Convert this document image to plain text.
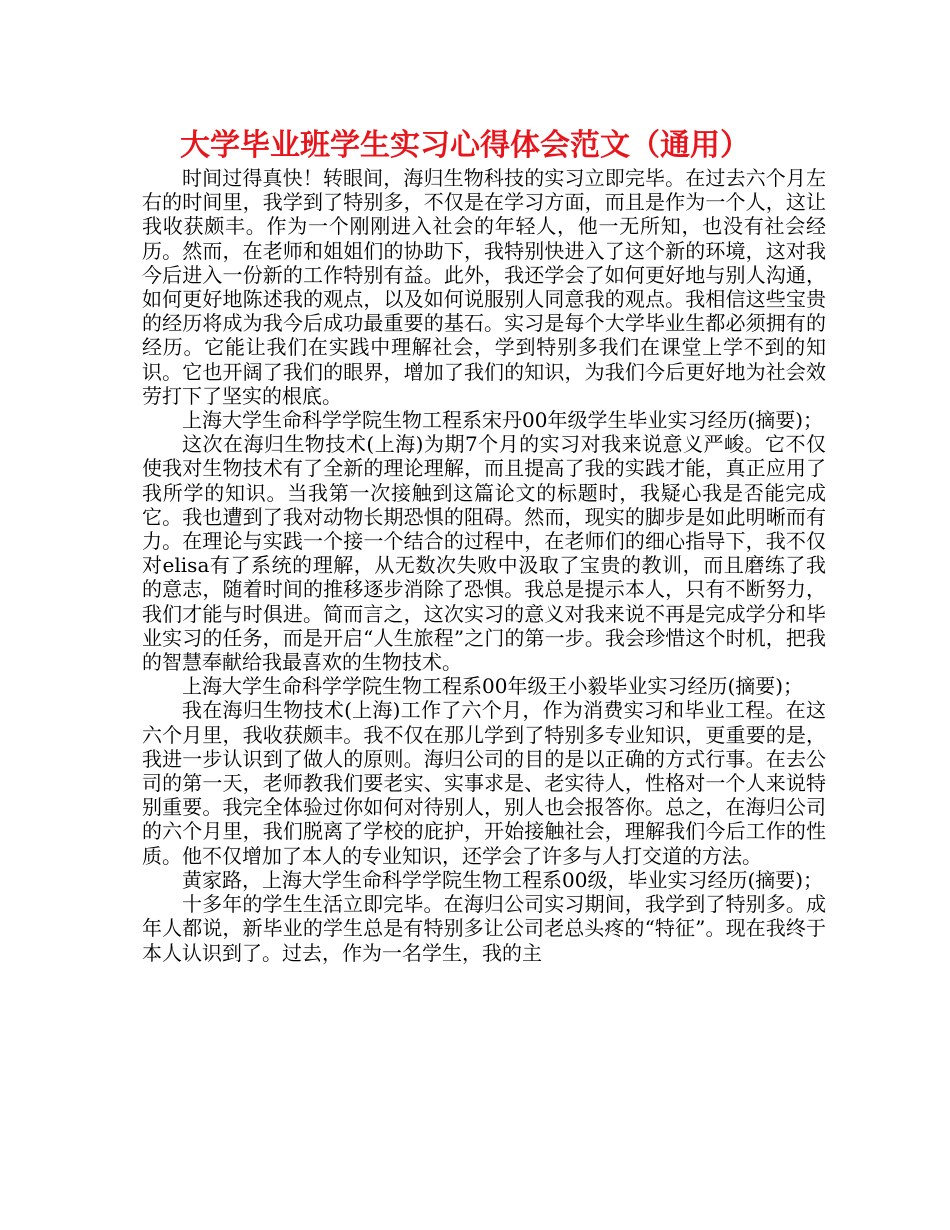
大学毕业班学生实习心得体会范文（通用）

时间过得真快！转眼间，海归生物科技的实习立即完毕。在过去六个月左右的时间里，我学到了特别多，不仅是在学习方面，而且是作为一个人，这让我收获颇丰。作为一个刚刚进入社会的年轻人，他一无所知，也没有社会经历。然而，在老师和姐姐们的协助下，我特别快进入了这个新的环境，这对我今后进入一份新的工作特别有益。此外，我还学会了如何更好地与别人沟通，如何更好地陈述我的观点，以及如何说服别人同意我的观点。我相信这些宝贵的经历将成为我今后成功最重要的基石。实习是每个大学毕业生都必须拥有的经历。它能让我们在实践中理解社会，学到特别多我们在课堂上学不到的知识。它也开阔了我们的眼界，增加了我们的知识，为我们今后更好地为社会效劳打下了坚实的根底。

上海大学生命科学学院生物工程系宋丹00年级学生毕业实习经历(摘要)；

这次在海归生物技术(上海)为期7个月的实习对我来说意义严峻。它不仅使我对生物技术有了全新的理论理解，而且提高了我的实践才能，真正应用了我所学的知识。当我第一次接触到这篇论文的标题时，我疑心我是否能完成它。我也遭到了我对动物长期恐惧的阻碍。然而，现实的脚步是如此明晰而有力。在理论与实践一个接一个结合的过程中，在老师们的细心指导下，我不仅对elisa有了系统的理解，从无数次失败中汲取了宝贵的教训，而且磨练了我的意志，随着时间的推移逐步消除了恐惧。我总是提示本人，只有不断努力，我们才能与时俱进。简而言之，这次实习的意义对我来说不再是完成学分和毕业实习的任务，而是开启“人生旅程”之门的第一步。我会珍惜这个时机，把我的智慧奉献给我最喜欢的生物技术。

上海大学生命科学学院生物工程系00年级王小毅毕业实习经历(摘要)；

我在海归生物技术(上海)工作了六个月，作为消费实习和毕业工程。在这六个月里，我收获颇丰。我不仅在那儿学到了特别多专业知识，更重要的是，我进一步认识到了做人的原则。海归公司的目的是以正确的方式行事。在去公司的第一天，老师教我们要老实、实事求是、老实待人，性格对一个人来说特别重要。我完全体验过你如何对待别人，别人也会报答你。总之，在海归公司的六个月里，我们脱离了学校的庇护，开始接触社会，理解我们今后工作的性质。他不仅增加了本人的专业知识，还学会了许多与人打交道的方法。

黄家路，上海大学生命科学学院生物工程系00级，毕业实习经历(摘要)；

十多年的学生生活立即完毕。在海归公司实习期间，我学到了特别多。成年人都说，新毕业的学生总是有特别多让公司老总头疼的“特征”。现在我终于本人认识到了。过去，作为一名学生，我的主
